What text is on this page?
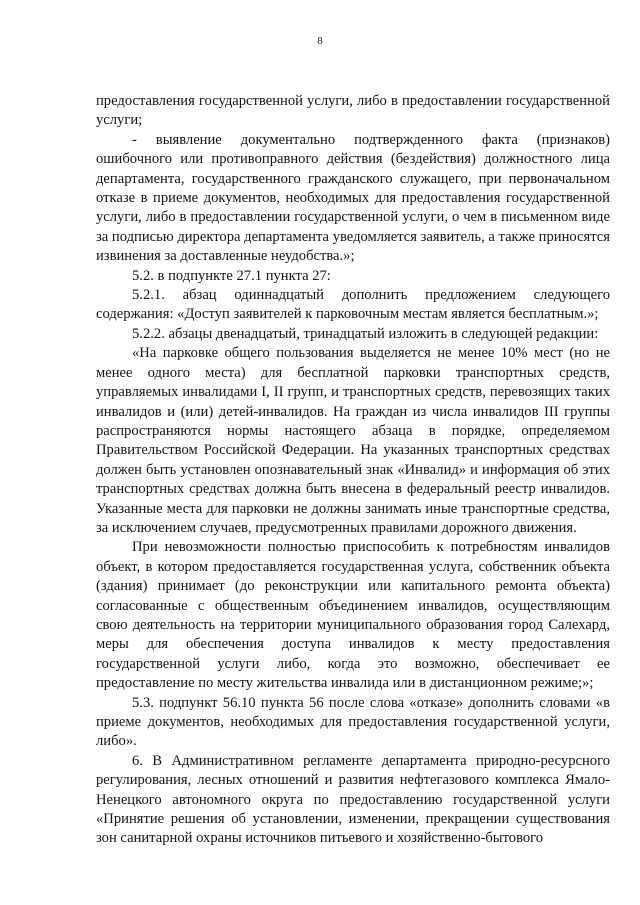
8

предоставления государственной услуги, либо в предоставлении государственной услуги;

- выявление документально подтвержденного факта (признаков) ошибочного или противоправного действия (бездействия) должностного лица департамента, государственного гражданского служащего, при первоначальном отказе в приеме документов, необходимых для предоставления государственной услуги, либо в предоставлении государственной услуги, о чем в письменном виде за подписью директора департамента уведомляется заявитель, а также приносятся извинения за доставленные неудобства.»;

5.2. в подпункте 27.1 пункта 27:

5.2.1. абзац одиннадцатый дополнить предложением следующего содержания: «Доступ заявителей к парковочным местам является бесплатным.»;

5.2.2. абзацы двенадцатый, тринадцатый изложить в следующей редакции:

«На парковке общего пользования выделяется не менее 10% мест (но не менее одного места) для бесплатной парковки транспортных средств, управляемых инвалидами I, II групп, и транспортных средств, перевозящих таких инвалидов и (или) детей-инвалидов. На граждан из числа инвалидов III группы распространяются нормы настоящего абзаца в порядке, определяемом Правительством Российской Федерации. На указанных транспортных средствах должен быть установлен опознавательный знак «Инвалид» и информация об этих транспортных средствах должна быть внесена в федеральный реестр инвалидов. Указанные места для парковки не должны занимать иные транспортные средства, за исключением случаев, предусмотренных правилами дорожного движения.

При невозможности полностью приспособить к потребностям инвалидов объект, в котором предоставляется государственная услуга, собственник объекта (здания) принимает (до реконструкции или капитального ремонта объекта) согласованные с общественным объединением инвалидов, осуществляющим свою деятельность на территории муниципального образования город Салехард, меры для обеспечения доступа инвалидов к месту предоставления государственной услуги либо, когда это возможно, обеспечивает ее предоставление по месту жительства инвалида или в дистанционном режиме;»;

5.3. подпункт 56.10 пункта 56 после слова «отказе» дополнить словами «в приеме документов, необходимых для предоставления государственной услуги, либо».

6. В Административном регламенте департамента природно-ресурсного регулирования, лесных отношений и развития нефтегазового комплекса Ямало-Ненецкого автономного округа по предоставлению государственной услуги «Принятие решения об установлении, изменении, прекращении существования зон санитарной охраны источников питьевого и хозяйственно-бытового
